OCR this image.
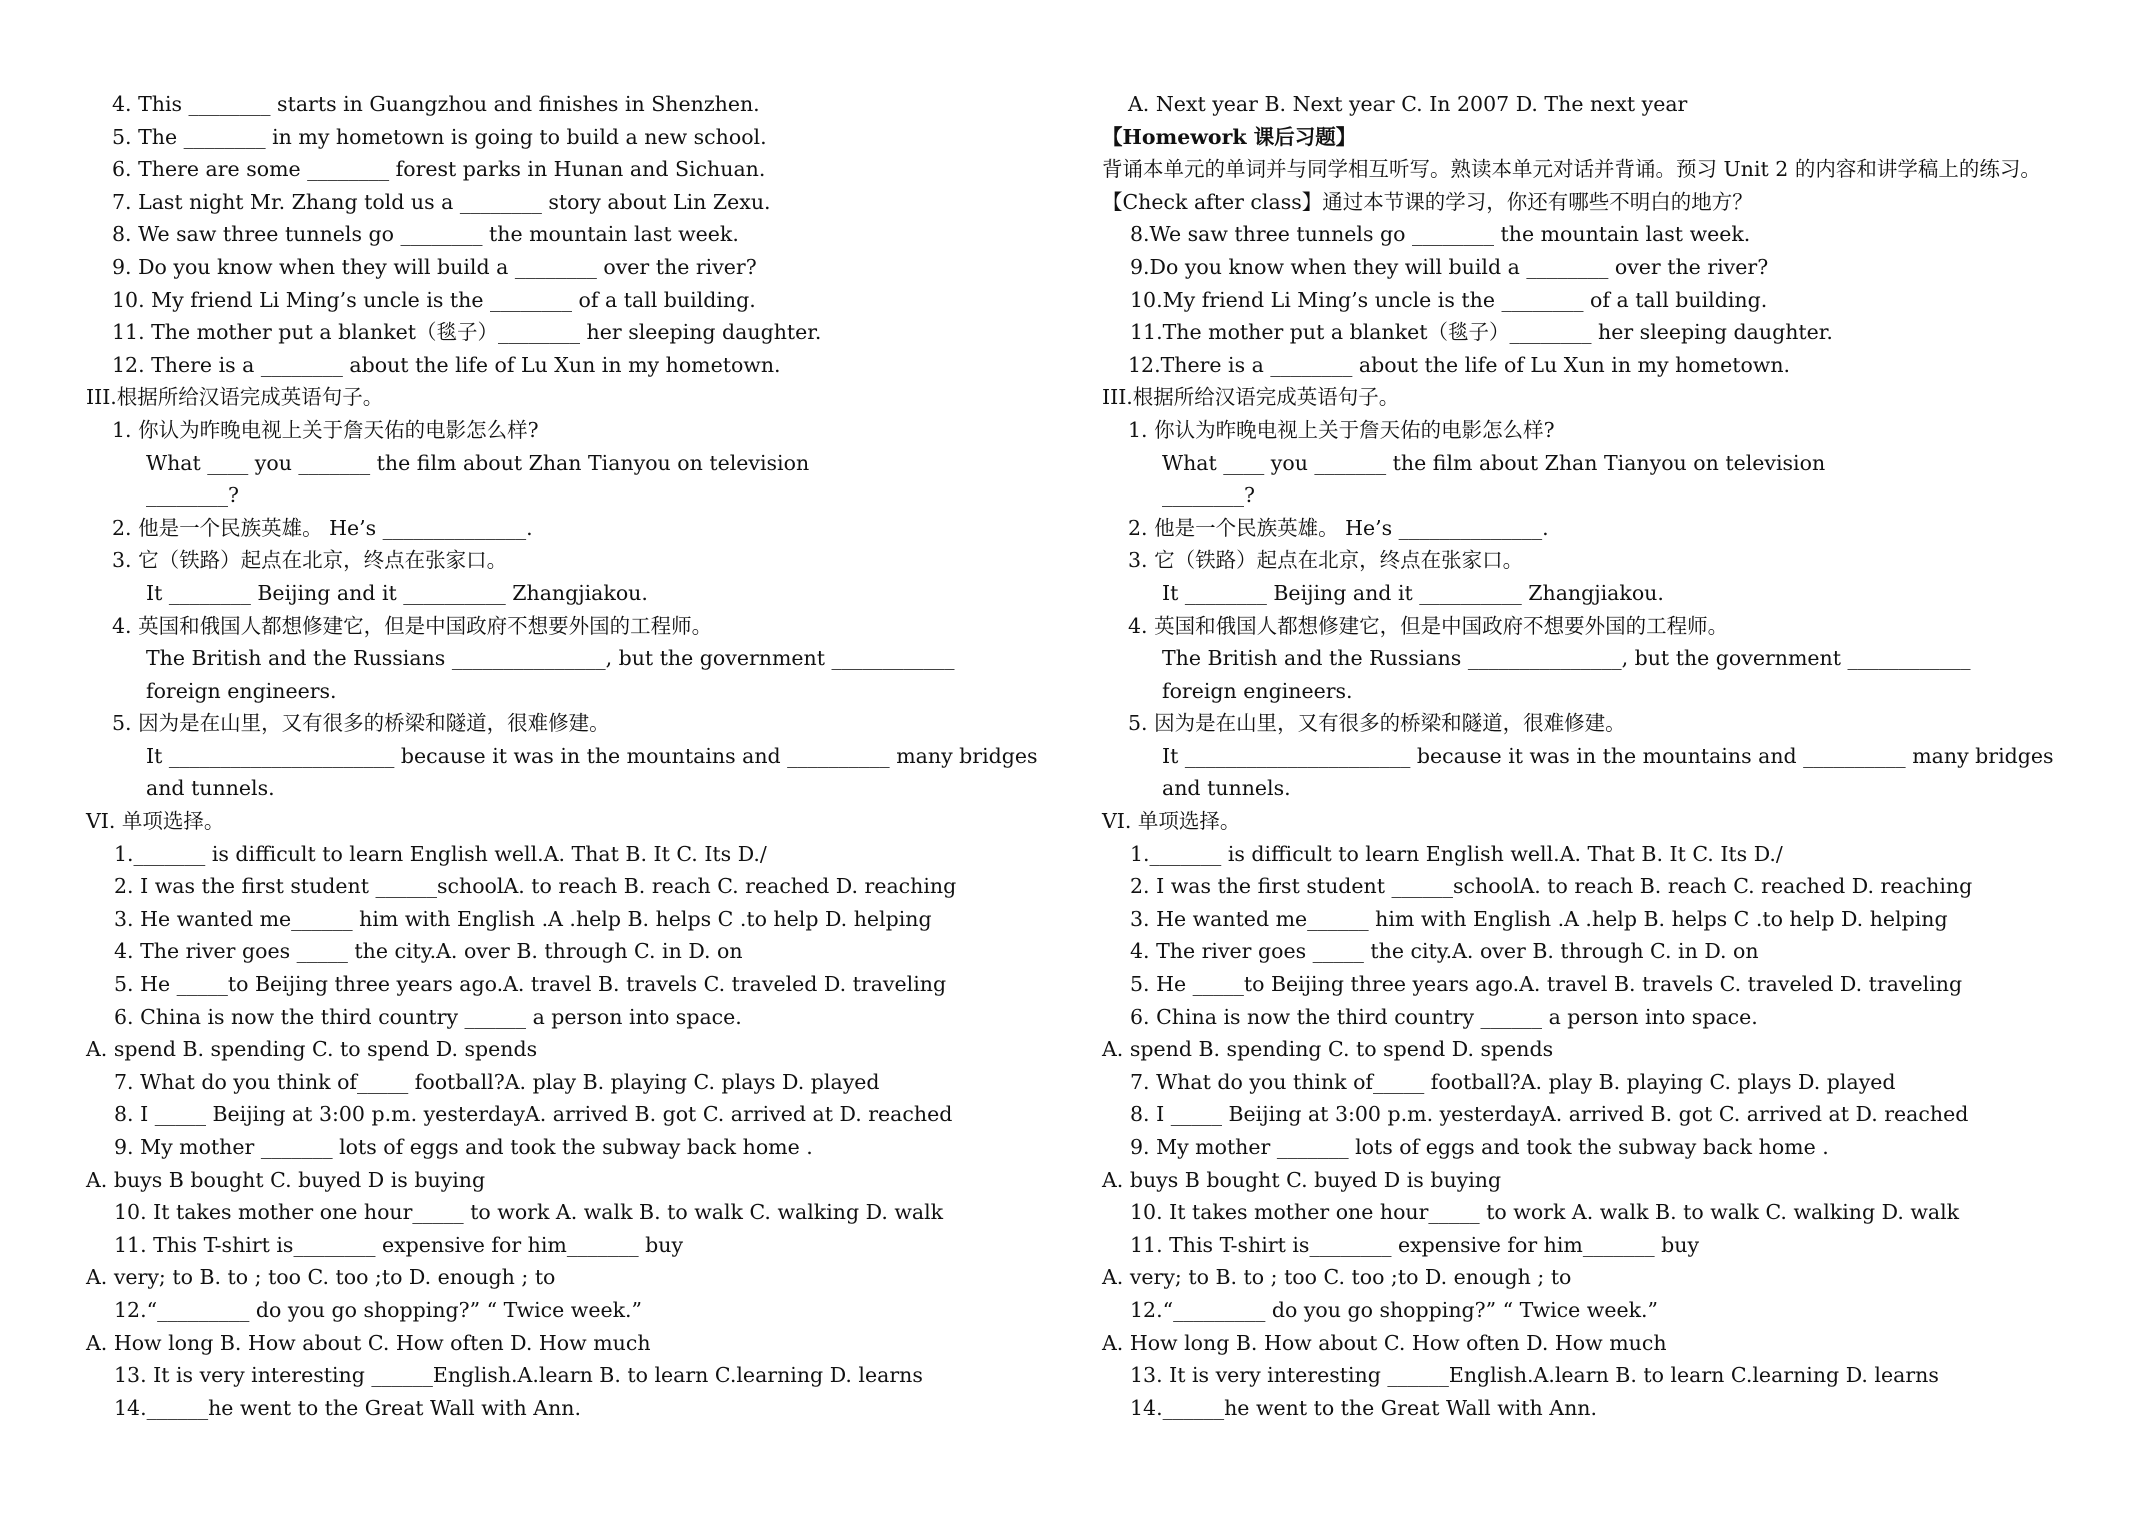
4. This ________ starts in Guangzhou and finishes in Shenzhen.
5. The ________ in my hometown is going to build a new school.
6. There are some ________ forest parks in Hunan and Sichuan.
7. Last night Mr. Zhang told us a ________ story about Lin Zexu.
8. We saw three tunnels go ________ the mountain last week.
9. Do you know when they will build a ________ over the river?
10. My friend Li Ming’s uncle is the ________ of a tall building.
11. The mother put a blanket（毯子）________ her sleeping daughter.
12. There is a ________ about the life of Lu Xun in my hometown.
III.根据所给汉语完成英语句子。
1. 你认为昨晚电视上关于詹天佑的电影怎么样?
What ____ you _______ the film about Zhan Tianyou on television
________?
2. 他是一个民族英雄。 He’s ______________.
3. 它（铁路）起点在北京，终点在张家口。
It ________ Beijing and it __________ Zhangjiakou.
4. 英国和俄国人都想修建它，但是中国政府不想要外国的工程师。
The British and the Russians _______________, but the government ____________
foreign engineers.
5. 因为是在山里，又有很多的桥梁和隧道，很难修建。
It ______________________ because it was in the mountains and __________ many bridges
and tunnels.
VI. 单项选择。
1._______ is difficult to learn English well.A. That B. It C. Its D./
2. I was the first student ______schoolA. to reach B. reach C. reached D. reaching
3. He wanted me______ him with English .A .help B. helps C .to help D. helping
4. The river goes _____ the city.A. over B. through C. in D. on
5. He _____to Beijing three years ago.A. travel B. travels C. traveled D. traveling
6. China is now the third country ______ a person into space.
A. spend B. spending C. to spend D. spends
7. What do you think of_____ football?A. play B. playing C. plays D. played
8. I _____ Beijing at 3:00 p.m. yesterdayA. arrived B. got C. arrived at D. reached
9. My mother _______ lots of eggs and took the subway back home .
A. buys B bought C. buyed D is buying
10. It takes mother one hour_____ to work A. walk B. to walk C. walking D. walk
11. This T-shirt is________ expensive for him_______ buy
A. very; to B. to ; too C. too ;to D. enough ; to
12.“_________ do you go shopping?” “ Twice week.”
A. How long B. How about C. How often D. How much
13. It is very interesting ______English.A.learn B. to learn C.learning D. learns
14.______he went to the Great Wall with Ann.
A. Next year B. Next year C. In 2007 D. The next year
【Homework 课后习题】
背诵本单元的单词并与同学相互听写。熟读本单元对话并背诵。预习 Unit 2 的内容和讲学稿上的练习。
【Check after class】通过本节课的学习，你还有哪些不明白的地方？
8.We saw three tunnels go ________ the mountain last week.
9.Do you know when they will build a ________ over the river?
10.My friend Li Ming’s uncle is the ________ of a tall building.
11.The mother put a blanket（毯子）________ her sleeping daughter.
12.There is a ________ about the life of Lu Xun in my hometown.
III.根据所给汉语完成英语句子。
1. 你认为昨晚电视上关于詹天佑的电影怎么样?
What ____ you _______ the film about Zhan Tianyou on television
________?
2. 他是一个民族英雄。 He’s ______________.
3. 它（铁路）起点在北京，终点在张家口。
It ________ Beijing and it __________ Zhangjiakou.
4. 英国和俄国人都想修建它，但是中国政府不想要外国的工程师。
The British and the Russians _______________, but the government ____________
foreign engineers.
5. 因为是在山里，又有很多的桥梁和隧道，很难修建。
It ______________________ because it was in the mountains and __________ many bridges
and tunnels.
VI. 单项选择。
1._______ is difficult to learn English well.A. That B. It C. Its D./
2. I was the first student ______schoolA. to reach B. reach C. reached D. reaching
3. He wanted me______ him with English .A .help B. helps C .to help D. helping
4. The river goes _____ the city.A. over B. through C. in D. on
5. He _____to Beijing three years ago.A. travel B. travels C. traveled D. traveling
6. China is now the third country ______ a person into space.
A. spend B. spending C. to spend D. spends
7. What do you think of_____ football?A. play B. playing C. plays D. played
8. I _____ Beijing at 3:00 p.m. yesterdayA. arrived B. got C. arrived at D. reached
9. My mother _______ lots of eggs and took the subway back home .
A. buys B bought C. buyed D is buying
10. It takes mother one hour_____ to work A. walk B. to walk C. walking D. walk
11. This T-shirt is________ expensive for him_______ buy
A. very; to B. to ; too C. too ;to D. enough ; to
12.“_________ do you go shopping?” “ Twice week.”
A. How long B. How about C. How often D. How much
13. It is very interesting ______English.A.learn B. to learn C.learning D. learns
14.______he went to the Great Wall with Ann.
